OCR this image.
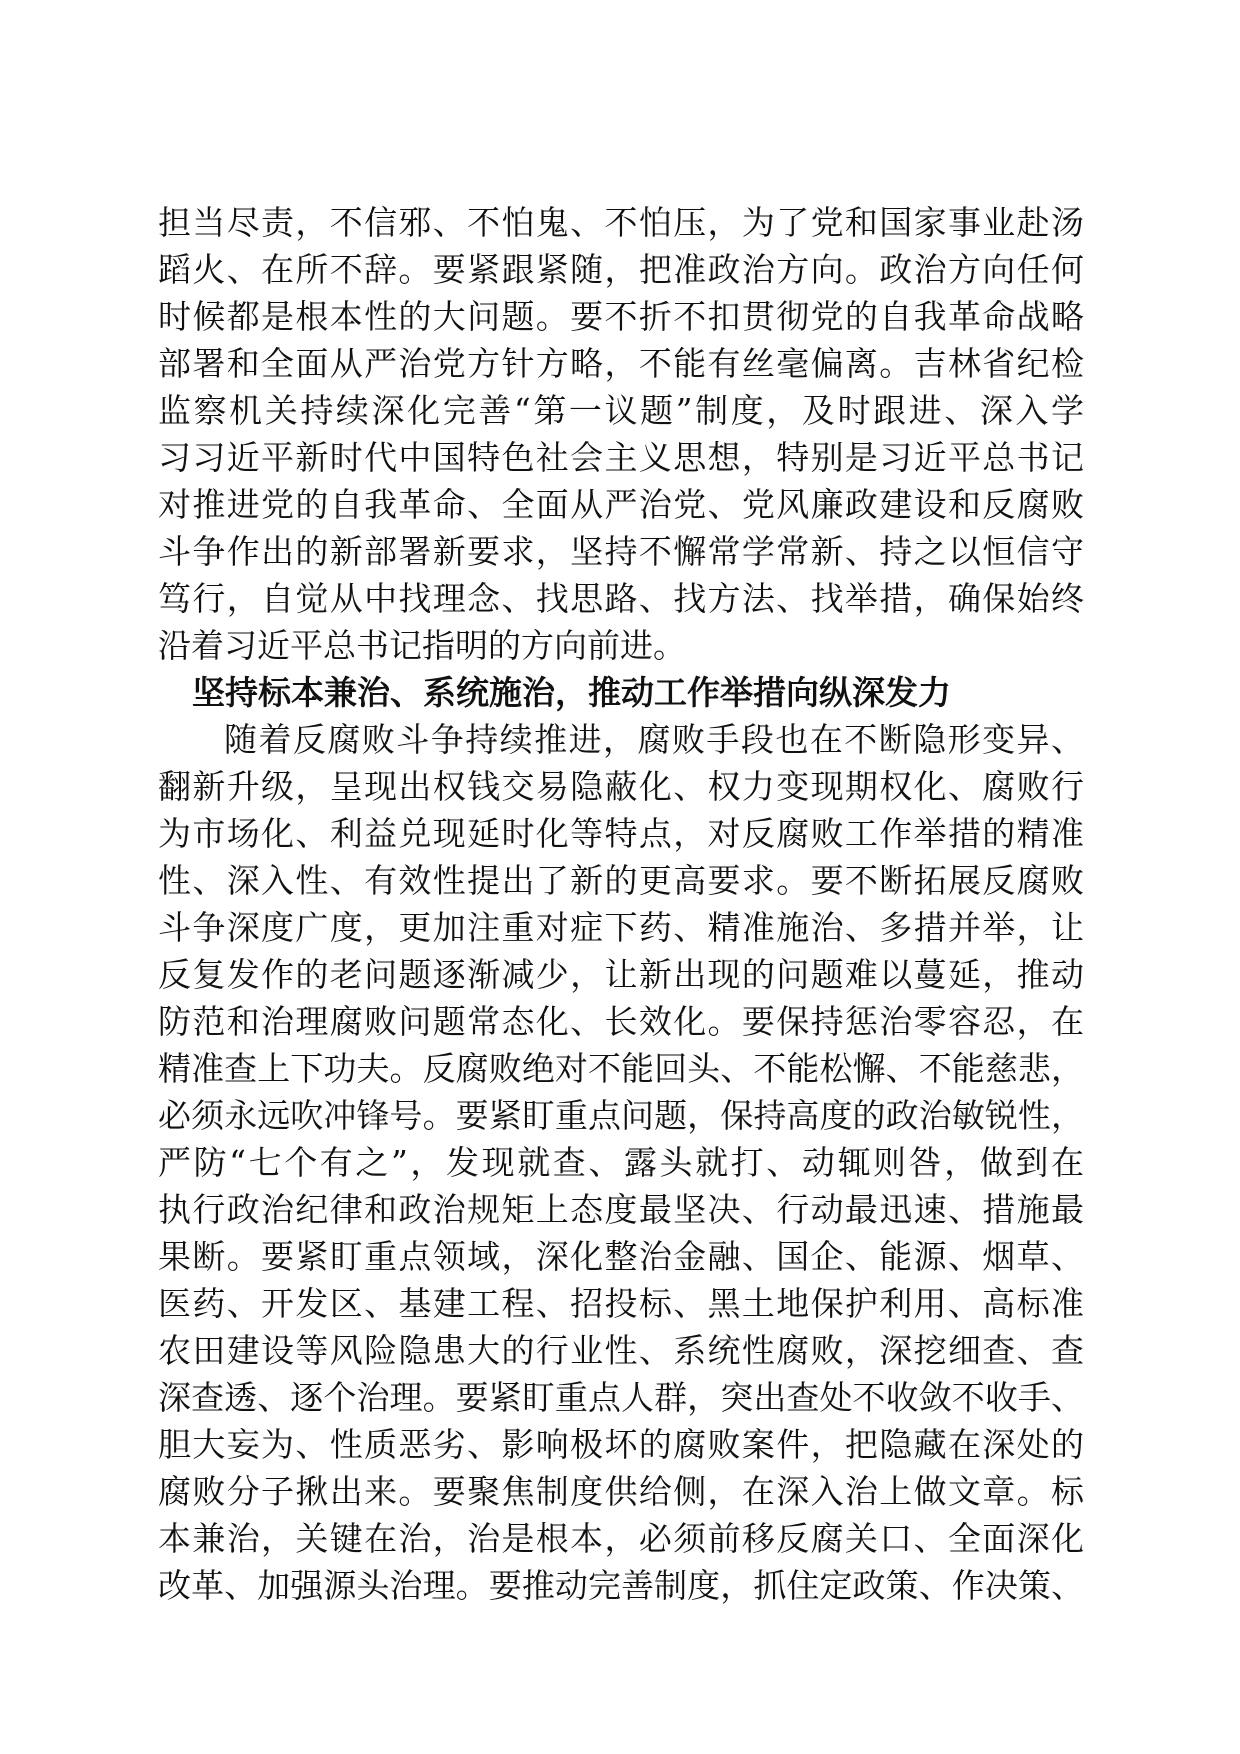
担当尽责，不信邪、不怕鬼、不怕压，为了党和国家事业赴汤
蹈火、在所不辞。要紧跟紧随，把准政治方向。政治方向任何
时候都是根本性的大问题。要不折不扣贯彻党的自我革命战略
部署和全面从严治党方针方略，不能有丝毫偏离。吉林省纪检
监察机关持续深化完善“第一议题”制度，及时跟进、深入学
习习近平新时代中国特色社会主义思想，特别是习近平总书记
对推进党的自我革命、全面从严治党、党风廉政建设和反腐败
斗争作出的新部署新要求，坚持不懈常学常新、持之以恒信守
笃行，自觉从中找理念、找思路、找方法、找举措，确保始终
沿着习近平总书记指明的方向前进。
坚持标本兼治、系统施治，推动工作举措向纵深发力
随着反腐败斗争持续推进，腐败手段也在不断隐形变异、
翻新升级，呈现出权钱交易隐蔽化、权力变现期权化、腐败行
为市场化、利益兑现延时化等特点，对反腐败工作举措的精准
性、深入性、有效性提出了新的更高要求。要不断拓展反腐败
斗争深度广度，更加注重对症下药、精准施治、多措并举，让
反复发作的老问题逐渐减少，让新出现的问题难以蔓延，推动
防范和治理腐败问题常态化、长效化。要保持惩治零容忍，在
精准查上下功夫。反腐败绝对不能回头、不能松懈、不能慈悲，
必须永远吹冲锋号。要紧盯重点问题，保持高度的政治敏锐性，
严防“七个有之”，发现就查、露头就打、动辄则咎，做到在
执行政治纪律和政治规矩上态度最坚决、行动最迅速、措施最
果断。要紧盯重点领域，深化整治金融、国企、能源、烟草、
医药、开发区、基建工程、招投标、黑土地保护利用、高标准
农田建设等风险隐患大的行业性、系统性腐败，深挖细查、查
深查透、逐个治理。要紧盯重点人群，突出查处不收敛不收手、
胆大妄为、性质恶劣、影响极坏的腐败案件，把隐藏在深处的
腐败分子揪出来。要聚焦制度供给侧，在深入治上做文章。标
本兼治，关键在治，治是根本，必须前移反腐关口、全面深化
改革、加强源头治理。要推动完善制度，抓住定政策、作决策、
